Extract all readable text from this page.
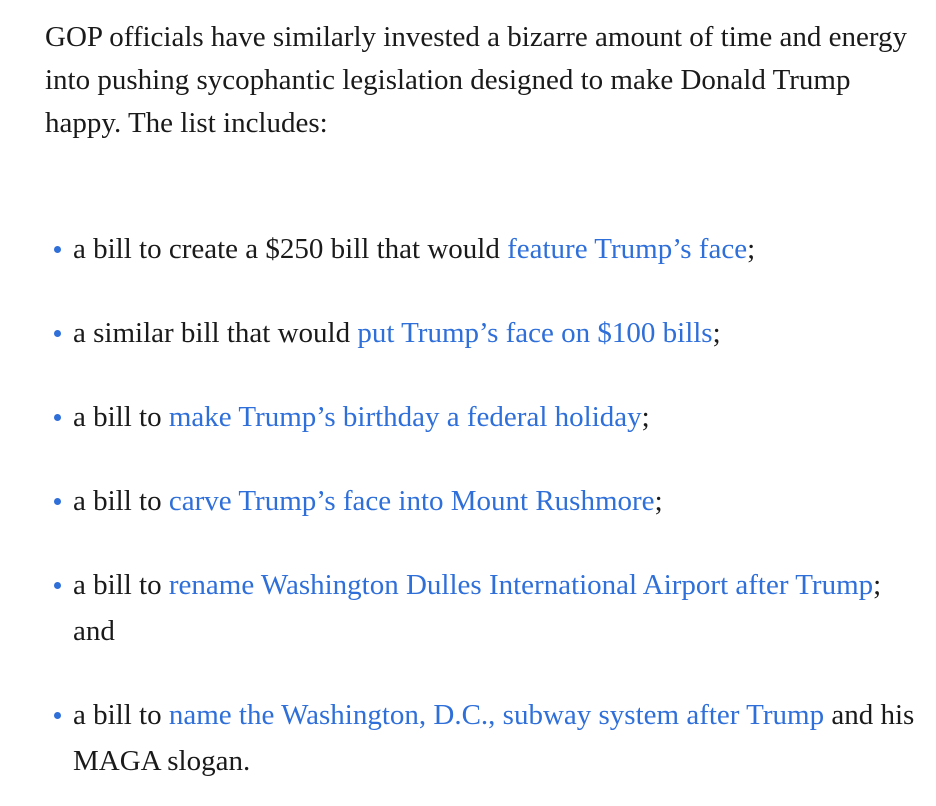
GOP officials have similarly invested a bizarre amount of time and energy into pushing sycophantic legislation designed to make Donald Trump happy. The list includes:

a bill to create a $250 bill that would feature Trump’s face;
a similar bill that would put Trump’s face on $100 bills;
a bill to make Trump’s birthday a federal holiday;
a bill to carve Trump’s face into Mount Rushmore;
a bill to rename Washington Dulles International Airport after Trump; and
a bill to name the Washington, D.C., subway system after Trump and his MAGA slogan.
